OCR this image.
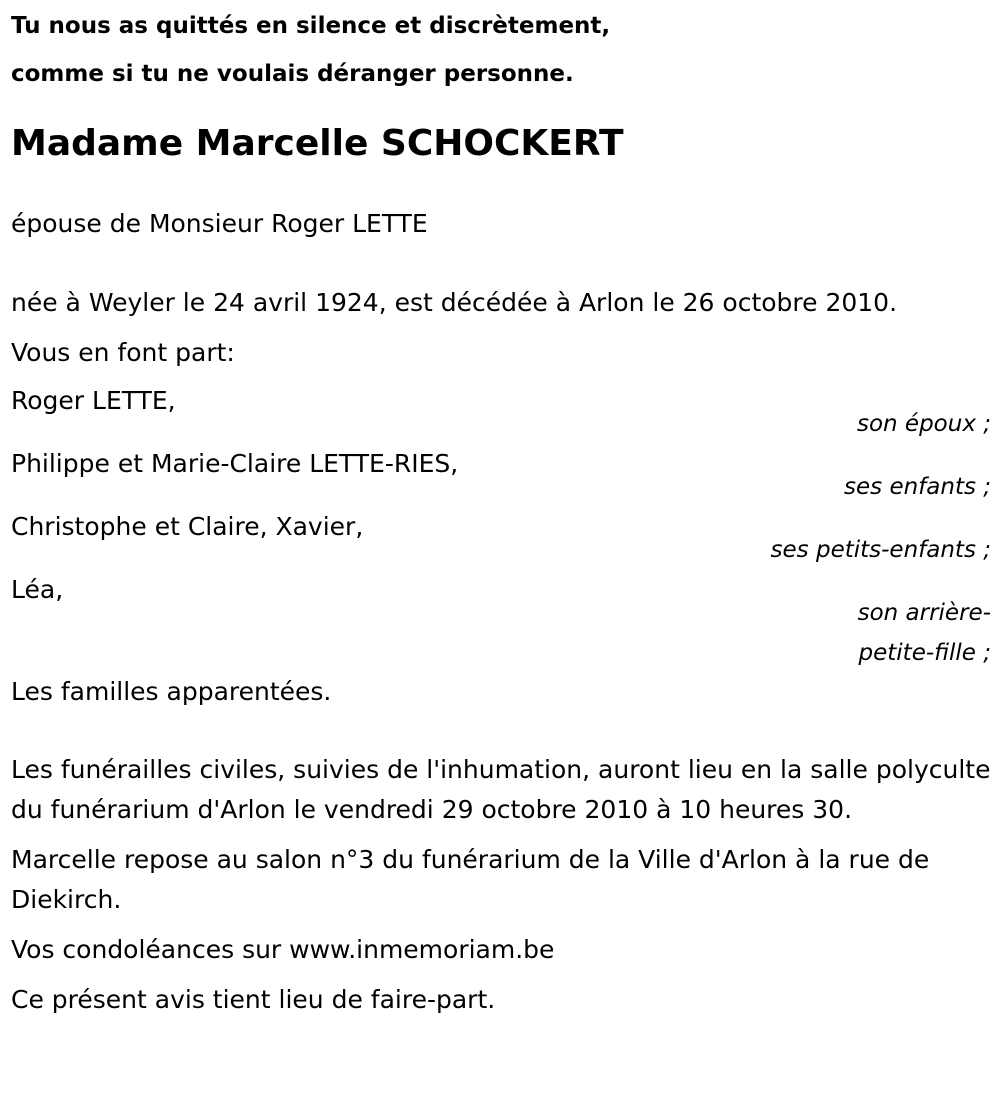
Tu nous as quittés en silence et discrètement,
comme si tu ne voulais déranger personne.
Madame Marcelle SCHOCKERT

épouse de Monsieur Roger LETTE

née à Weyler le 24 avril 1924, est décédée à Arlon le 26 octobre 2010.

Vous en font part:

Roger LETTE,
son époux ;
Philippe et Marie-Claire LETTE-RIES,
ses enfants ;
Christophe et Claire, Xavier,
ses petits-enfants ;
Léa,
son arrière-petite-fille ;

Les familles apparentées.

Les funérailles civiles, suivies de l'inhumation, auront lieu en la salle polyculte du funérarium d'Arlon le vendredi 29 octobre 2010 à 10 heures 30.

Marcelle repose au salon n°3 du funérarium de la Ville d'Arlon à la rue de Diekirch.

Vos condoléances sur www.inmemoriam.be

Ce présent avis tient lieu de faire-part.
